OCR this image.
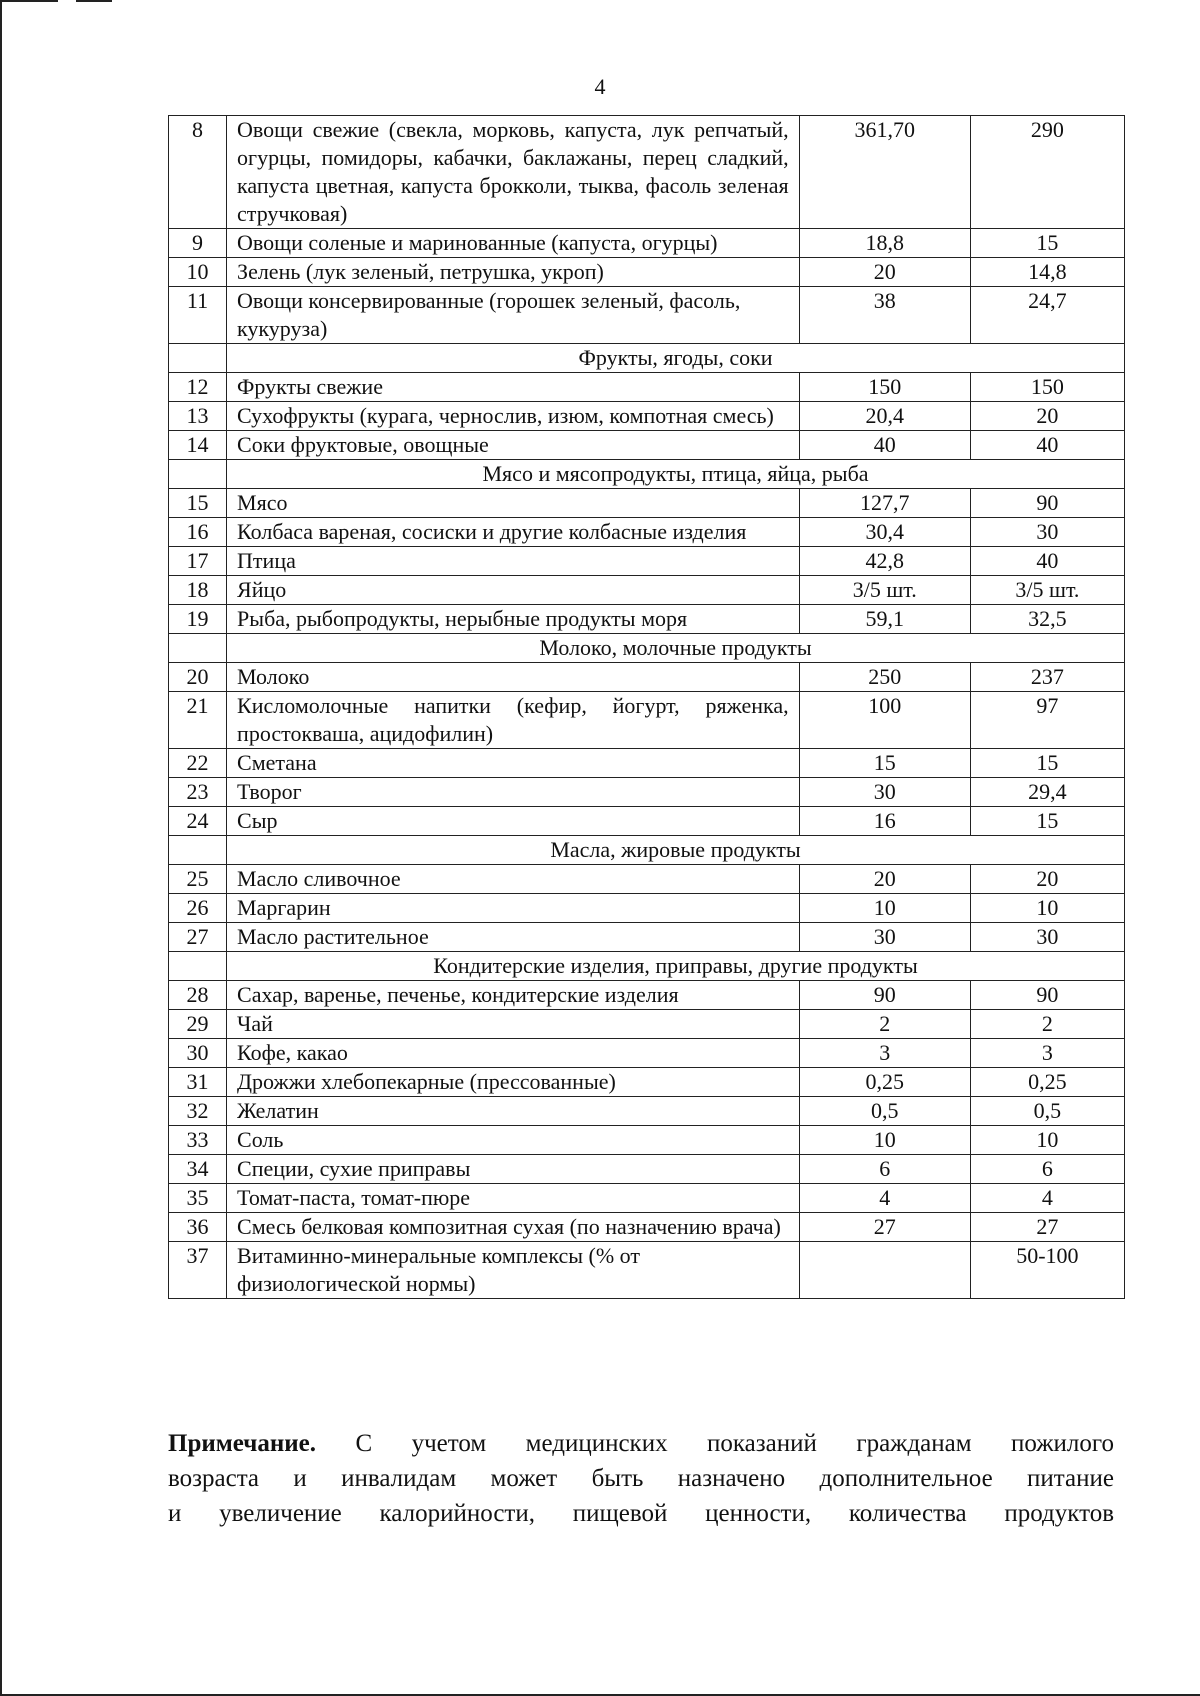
4
8	Овощи свежие (свекла, морковь, капуста, лук репчатый, огурцы, помидоры, кабачки, баклажаны, перец сладкий, капуста цветная, капуста брокколи, тыква, фасоль зеленая стручковая)	361,70	290
9	Овощи соленые и маринованные (капуста, огурцы)	18,8	15
10	Зелень (лук зеленый, петрушка, укроп)	20	14,8
11	Овощи консервированные (горошек зеленый, фасоль, кукуруза)	38	24,7
	Фрукты, ягоды, соки		
12	Фрукты свежие	150	150
13	Сухофрукты (курага, чернослив, изюм, компотная смесь)	20,4	20
14	Соки фруктовые, овощные	40	40
	Мясо и мясопродукты, птица, яйца, рыба		
15	Мясо	127,7	90
16	Колбаса вареная, сосиски и другие колбасные изделия	30,4	30
17	Птица	42,8	40
18	Яйцо	3/5 шт.	3/5 шт.
19	Рыба, рыбопродукты, нерыбные продукты моря	59,1	32,5
	Молоко, молочные продукты		
20	Молоко	250	237
21	Кисломолочные напитки (кефир, йогурт, ряженка, простокваша, ацидофилин)	100	97
22	Сметана	15	15
23	Творог	30	29,4
24	Сыр	16	15
	Масла, жировые продукты		
25	Масло сливочное	20	20
26	Маргарин	10	10
27	Масло растительное	30	30
	Кондитерские изделия, приправы, другие продукты		
28	Сахар, варенье, печенье, кондитерские изделия	90	90
29	Чай	2	2
30	Кофе, какао	3	3
31	Дрожжи хлебопекарные (прессованные)	0,25	0,25
32	Желатин	0,5	0,5
33	Соль	10	10
34	Специи, сухие приправы	6	6
35	Томат-паста, томат-пюре	4	4
36	Смесь белковая композитная сухая (по назначению врача)	27	27
37	Витаминно-минеральные комплексы (% от физиологической нормы)		50-100
Примечание. С учетом медицинских показаний гражданам пожилого
возраста и инвалидам может быть назначено дополнительное питание
и увеличение калорийности, пищевой ценности, количества продуктов
